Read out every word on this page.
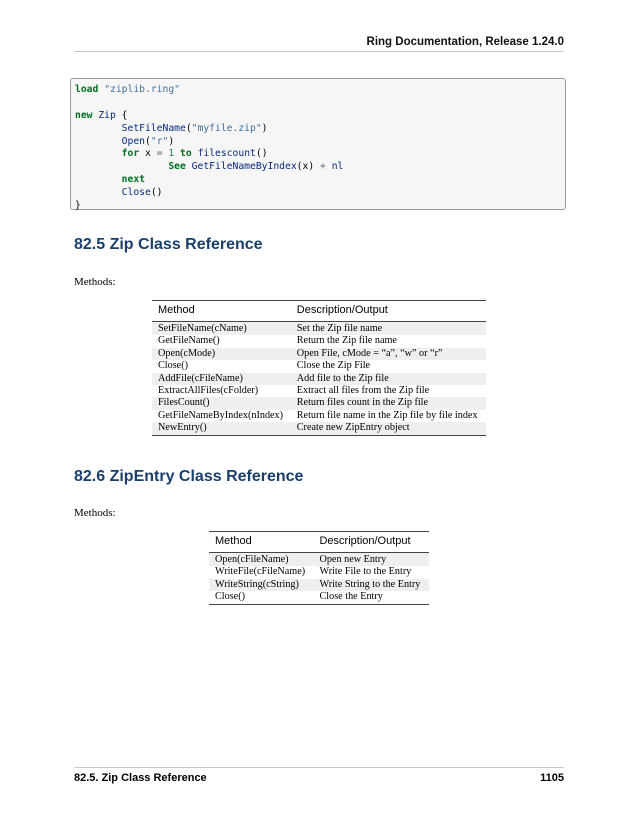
Ring Documentation, Release 1.24.0
load "ziplib.ring"
new Zip {
SetFileName("myfile.zip")
Open("r")
for x = 1 to filescount()
See GetFileNameByIndex(x) + nl
next
Close()
}
82.5 Zip Class Reference
Methods:
Method	Description/Output
SetFileName(cName)	Set the Zip file name
GetFileName()	Return the Zip file name
Open(cMode)	Open File, cMode = “a”, “w” or “r”
Close()	Close the Zip File
AddFile(cFileName)	Add file to the Zip file
ExtractAllFiles(cFolder)	Extract all files from the Zip file
FilesCount()	Return files count in the Zip file
GetFileNameByIndex(nIndex)	Return file name in the Zip file by file index
NewEntry()	Create new ZipEntry object
82.6 ZipEntry Class Reference
Methods:
Method	Description/Output
Open(cFileName)	Open new Entry
WriteFile(cFileName)	Write File to the Entry
WriteString(cString)	Write String to the Entry
Close()	Close the Entry
82.5. Zip Class Reference	1105
